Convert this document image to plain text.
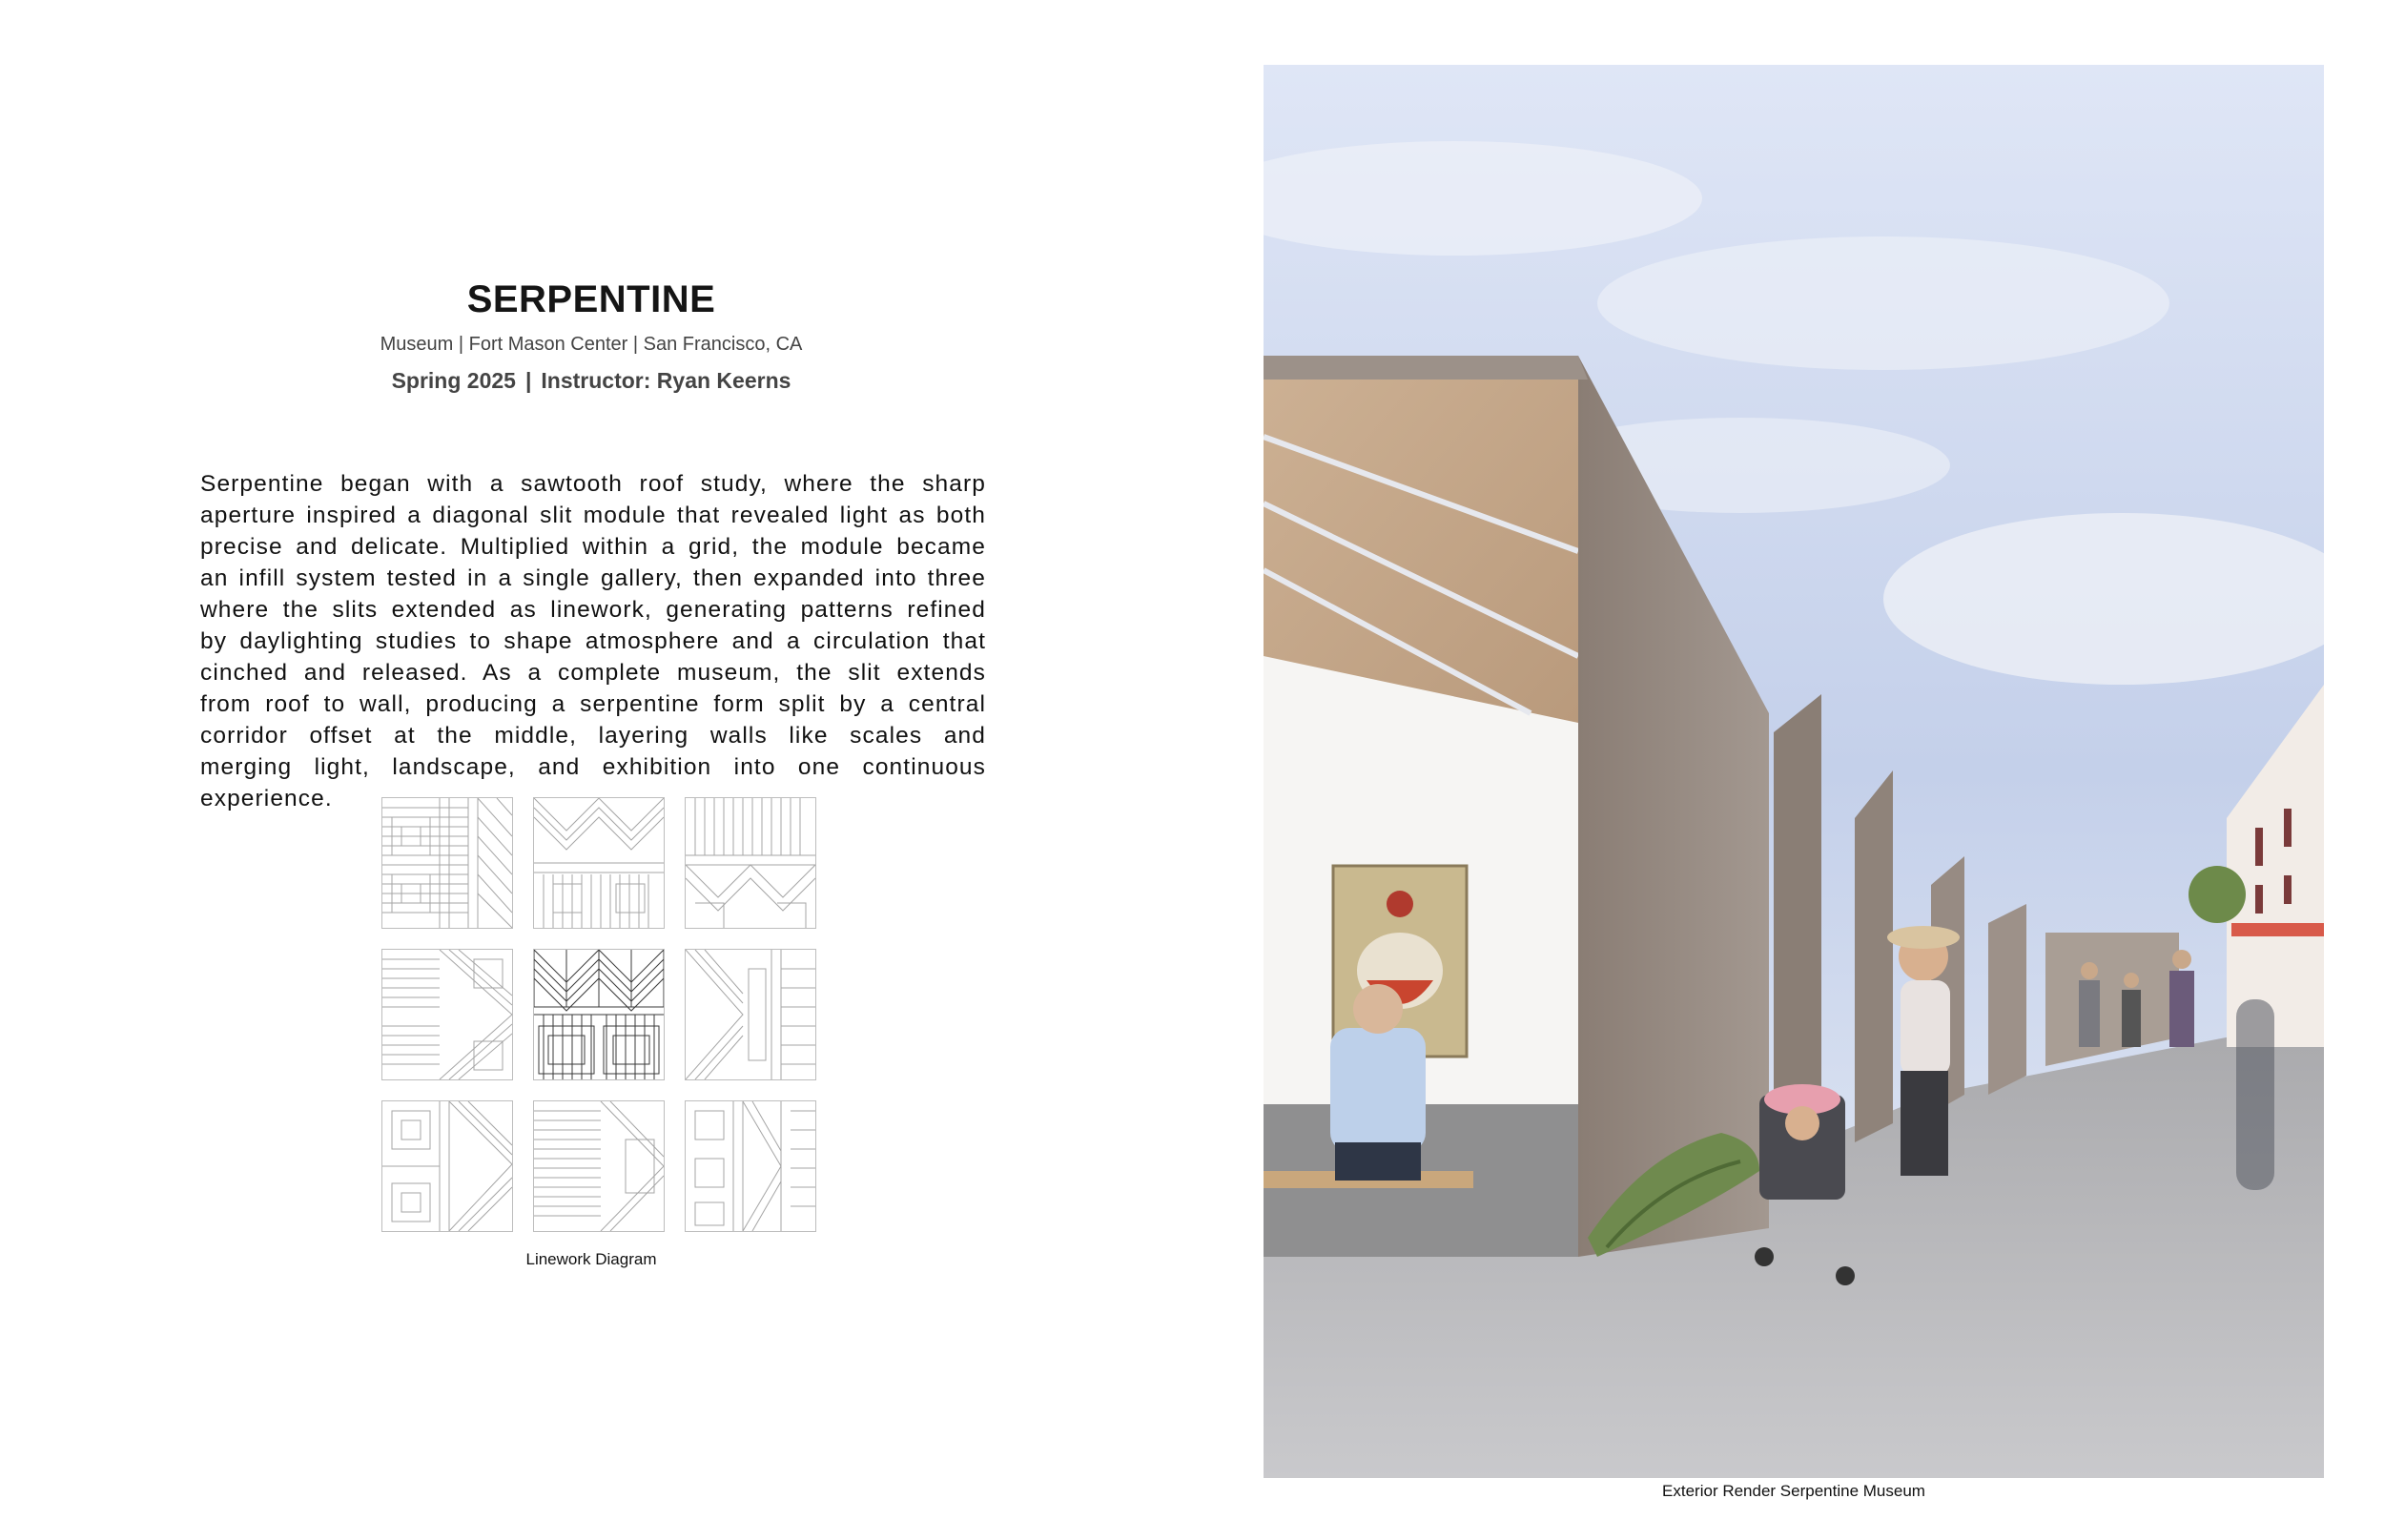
SERPENTINE
Museum | Fort Mason Center | San Francisco, CA
Spring 2025 | Instructor: Ryan Keerns

Serpentine began with a sawtooth roof study, where the sharp aperture inspired a diagonal slit module that revealed light as both precise and delicate. Multiplied within a grid, the module became an infill system tested in a single gallery, then expanded into three where the slits extended as linework, generating patterns refined by daylighting studies to shape atmosphere and a circulation that cinched and released. As a complete museum, the slit extends from roof to wall, producing a serpentine form split by a central corridor offset at the middle, layering walls like scales and merging light, landscape, and exhibition into one continuous experience.

Linework Diagram
Exterior Render Serpentine Museum
